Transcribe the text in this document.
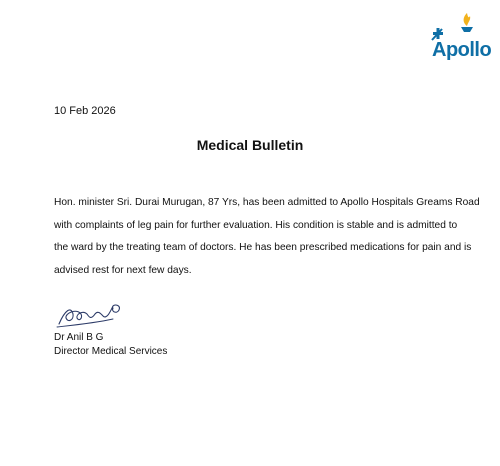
Apollo
10 Feb 2026
Medical Bulletin
Hon. minister Sri. Durai Murugan, 87 Yrs, has been admitted to Apollo Hospitals Greams Road
with complaints of leg pain for further evaluation. His condition is stable and is admitted to
the ward by the treating team of doctors. He has been prescribed medications for pain and is
advised rest for next few days.
Dr Anil B G
Director Medical Services
